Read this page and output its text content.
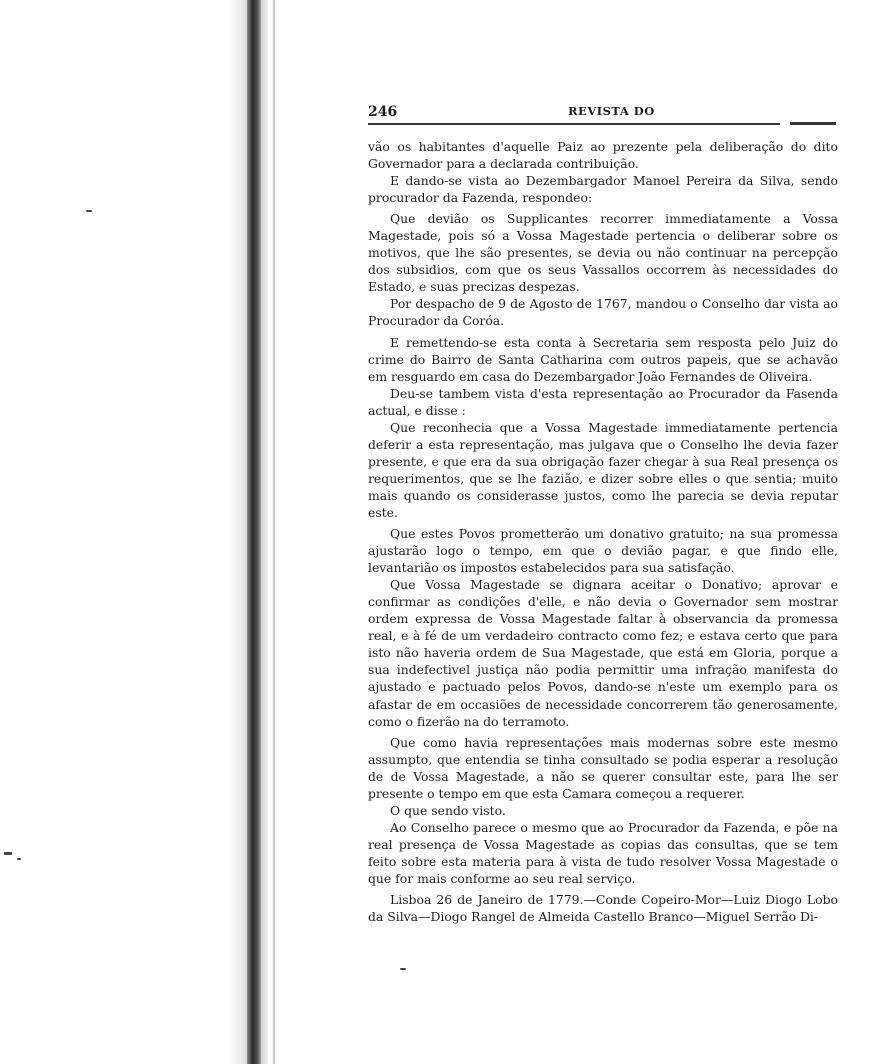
246	REVISTA DO

vão os habitantes d'aquelle Paiz ao prezente pela deliberação do dito Governador para a declarada contribuição.

E dando-se vista ao Dezembargador Manoel Pereira da Silva, sendo procurador da Fazenda, respondeo:

Que devião os Supplicantes recorrer immediatamente a Vossa Magestade, pois só a Vossa Magestade pertencia o deliberar sobre os motivos, que lhe são presentes, se devia ou não continuar na percepção dos subsidios, com que os seus Vassallos occorrem às necessidades do Estado, e suas precizas despezas.

Por despacho de 9 de Agosto de 1767, mandou o Conselho dar vista ao Procurador da Coróa.

E remettendo-se esta conta à Secretaria sem resposta pelo Juiz do crime do Bairro de Santa Catharina com outros papeis, que se achavão em resguardo em casa do Dezembargador João Fernandes de Oliveira.

Deu-se tambem vista d'esta representação ao Procurador da Fasenda actual, e disse :

Que reconhecia que a Vossa Magestade immediatamente pertencia deferir a esta representação, mas julgava que o Conselho lhe devia fazer presente, e que era da sua obrigação fazer chegar à sua Real presença os requerimentos, que se lhe fazião, e dizer sobre elles o que sentia; muito mais quando os considerasse justos, como lhe parecia se devia reputar este.

Que estes Povos prometterão um donativo gratuito; na sua promessa ajustarão logo o tempo, em que o devião pagar, e que findo elle, levantarião os impostos estabelecidos para sua satisfação.

Que Vossa Magestade se dignara aceitar o Donativo; aprovar e confirmar as condições d'elle, e não devia o Governador sem mostrar ordem expressa de Vossa Magestade faltar à observancia da promessa real, e à fé de um verdadeiro contracto como fez; e estava certo que para isto não haveria ordem de Sua Magestade, que está em Gloria, porque a sua indefectivel justiça não podia permittir uma infração manifesta do ajustado e pactuado pelos Povos, dando-se n'este um exemplo para os afastar de em occasiões de necessidade concorrerem tão generosamente, como o fizerão na do terramoto.

Que como havia representações mais modernas sobre este mesmo assumpto, que entendia se tinha consultado se podia esperar a resolução de de Vossa Magestade, a não se querer consultar este, para lhe ser presente o tempo em que esta Camara começou a requerer.

O que sendo visto.

Ao Conselho parece o mesmo que ao Procurador da Fazenda, e põe na real presença de Vossa Magestade as copias das consultas, que se tem feito sobre esta materia para à vista de tudo resolver Vossa Magestade o que for mais conforme ao seu real serviço.

Lisboa 26 de Janeiro de 1779.—Conde Copeiro-Mor—Luiz Diogo Lobo da Silva—Diogo Rangel de Almeida Castello Branco—Miguel Serrão Di-
